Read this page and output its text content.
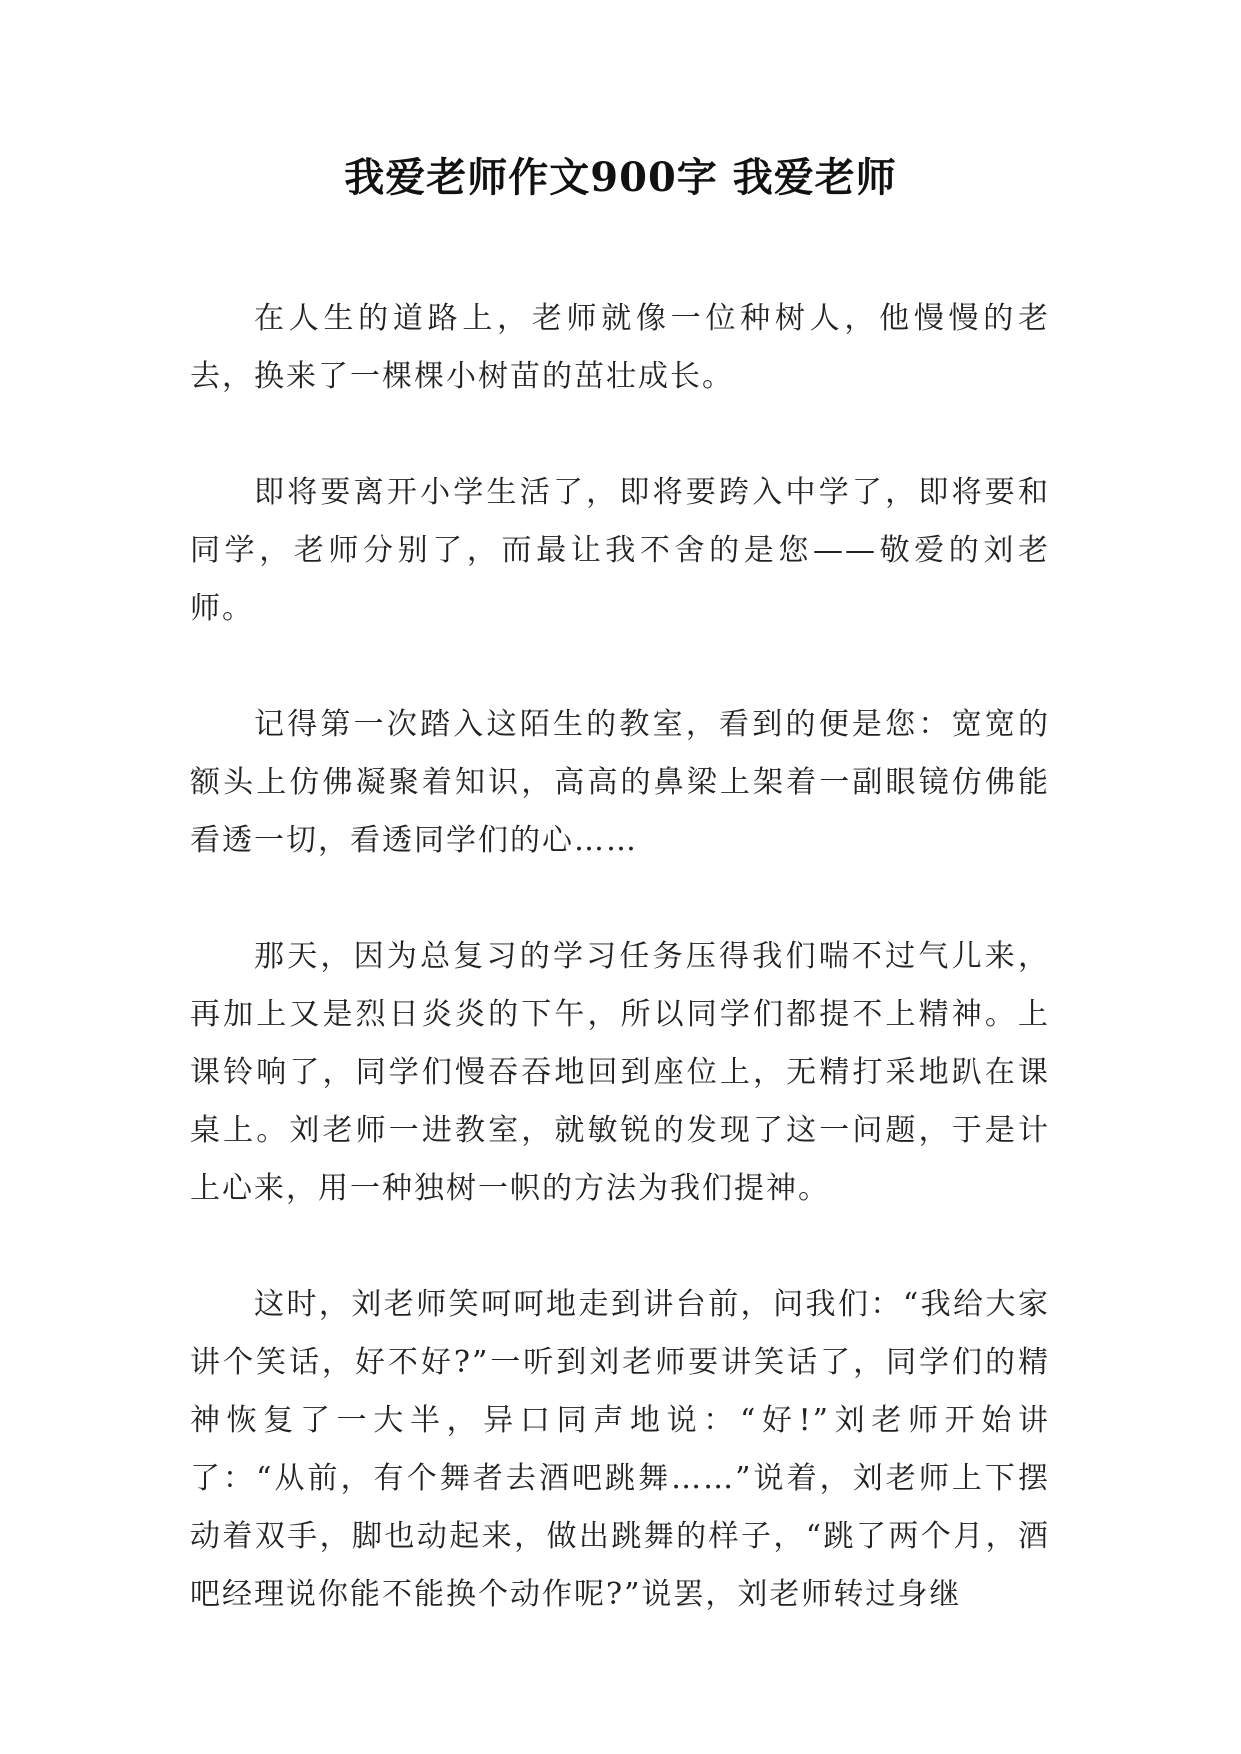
我爱老师作文900字 我爱老师

在人生的道路上，老师就像一位种树人，他慢慢的老去，换来了一棵棵小树苗的茁壮成长。

即将要离开小学生活了，即将要跨入中学了，即将要和同学，老师分别了，而最让我不舍的是您——敬爱的刘老师。

记得第一次踏入这陌生的教室，看到的便是您：宽宽的额头上仿佛凝聚着知识，高高的鼻梁上架着一副眼镜仿佛能看透一切，看透同学们的心……

那天，因为总复习的学习任务压得我们喘不过气儿来，再加上又是烈日炎炎的下午，所以同学们都提不上精神。上课铃响了，同学们慢吞吞地回到座位上，无精打采地趴在课桌上。刘老师一进教室，就敏锐的发现了这一问题，于是计上心来，用一种独树一帜的方法为我们提神。

这时，刘老师笑呵呵地走到讲台前，问我们：“我给大家讲个笑话，好不好?”一听到刘老师要讲笑话了，同学们的精神恢复了一大半，异口同声地说：“好!”刘老师开始讲了：“从前，有个舞者去酒吧跳舞……”说着，刘老师上下摆动着双手，脚也动起来，做出跳舞的样子，“跳了两个月，酒吧经理说你能不能换个动作呢?”说罢，刘老师转过身继
